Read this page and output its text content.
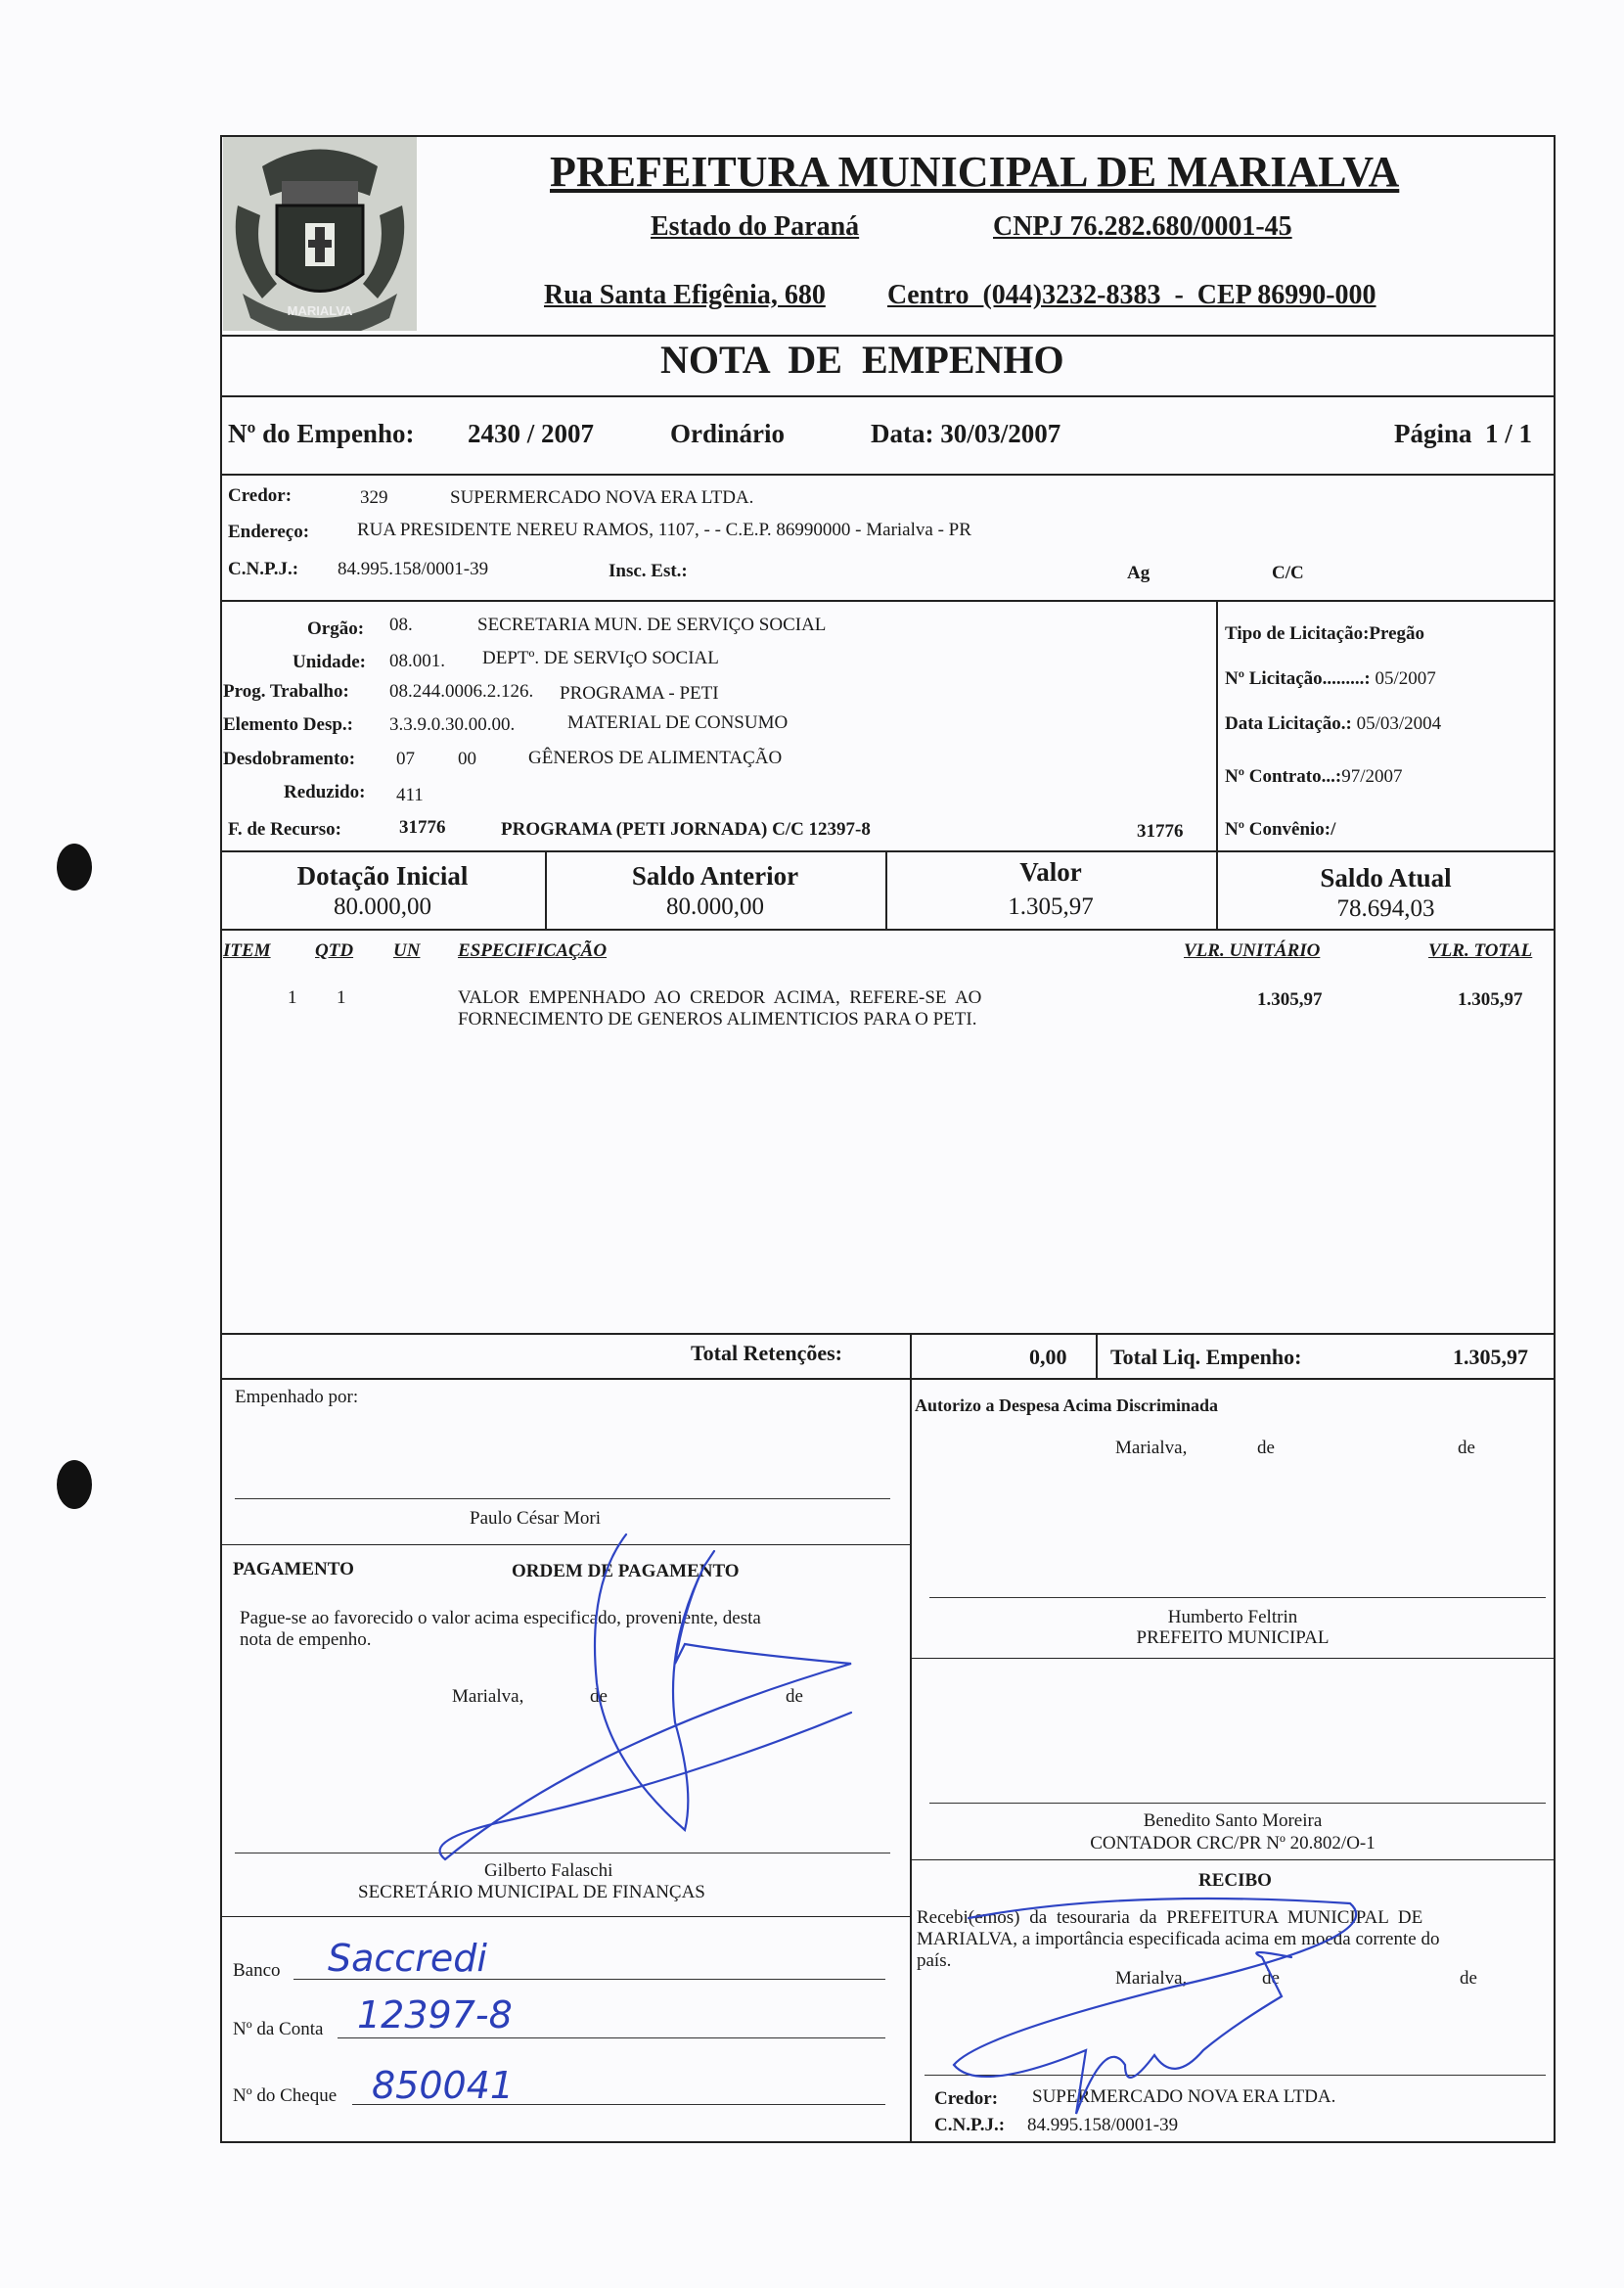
MARIALVA
PREFEITURA MUNICIPAL DE MARIALVA
Estado do Paraná	CNPJ 76.282.680/0001-45
Rua Santa Efigênia, 680 Centro  (044)3232-8383  -  CEP 86990-000
NOTA  DE  EMPENHO
Nº do Empenho: 2430 / 2007	Ordinário	Data: 30/03/2007	Página  1 / 1
Credor:	329	SUPERMERCADO NOVA ERA LTDA.
Endereço:	RUA PRESIDENTE NEREU RAMOS, 1107, - - C.E.P. 86990000 - Marialva - PR
C.N.P.J.: 84.995.158/0001-39	Insc. Est.:	Ag	C/C
Orgão: 08.	SECRETARIA MUN. DE SERVIÇO SOCIAL
Unidade: 08.001. DEPTº. DE SERVIçO SOCIAL
Prog. Trabalho: 08.244.0006.2.126. PROGRAMA - PETI
Elemento Desp.: 3.3.9.0.30.00.00.	MATERIAL DE CONSUMO
Desdobramento: 07 00	GÊNEROS DE ALIMENTAÇÃO
Reduzido: 411
F. de Recurso:	31776	PROGRAMA (PETI JORNADA) C/C 12397-8	31776
Tipo de Licitação:Pregão
Nº Licitação.........: 05/2007
Data Licitação.: 05/03/2004
Nº Contrato...:97/2007
Nº Convênio:/
Dotação Inicial
80.000,00
Saldo Anterior
80.000,00
Valor
1.305,97
Saldo Atual
78.694,03
ITEM QTD UN ESPECIFICAÇÃO	VLR. UNITÁRIO	VLR. TOTAL
1 1	VALOR  EMPENHADO  AO  CREDOR  ACIMA,  REFERE-SE  AO
FORNECIMENTO DE GENEROS ALIMENTICIOS PARA O PETI.
1.305,97	1.305,97
Total Retenções:	0,00 Total Liq. Empenho:	1.305,97
Empenhado por:
Paulo César Mori
Autorizo a Despesa Acima Discriminada
Marialva,	de	de
Humberto Feltrin
PREFEITO MUNICIPAL
Benedito Santo Moreira
CONTADOR CRC/PR Nº 20.802/O-1
PAGAMENTO	ORDEM DE PAGAMENTO
Pague-se ao favorecido o valor acima especificado, proveniente, desta
nota de empenho.
Marialva,	de	de
Gilberto Falaschi
SECRETÁRIO MUNICIPAL DE FINANÇAS
Banco Saccredi
Nº da Conta 12397-8
Nº do Cheque 850041
RECIBO
Recebi(emos) da tesouraria da PREFEITURA MUNICIPAL DE
MARIALVA, a importância especificada acima em moeda corrente do
país.
Marialva,	de	de
Credor: SUPERMERCADO NOVA ERA LTDA.
C.N.P.J.: 84.995.158/0001-39
